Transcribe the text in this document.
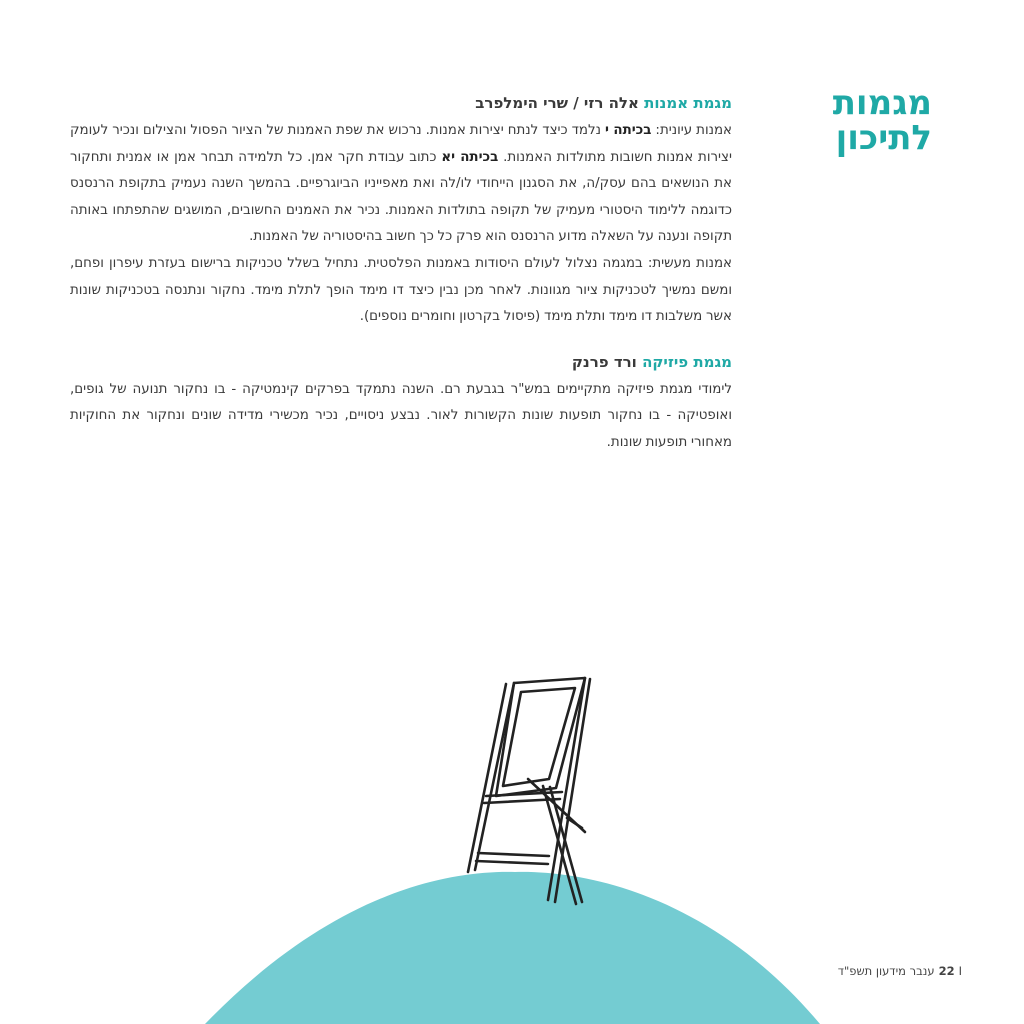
מגמות
לתיכון
מגמת אמנות אלה רזי / שרי הימלפרב

אמנות עיונית: בכיתה י נלמד כיצד לנתח יצירות אמנות. נרכוש את שפת האמנות של הציור הפסול והצילום ונכיר לעומק יצירות אמנות חשובות מתולדות האמנות. בכיתה יא כתוב עבודת חקר אמן. כל תלמידה תבחר אמן או אמנית ותחקור את הנושאים בהם עסק/ה, את הסגנון הייחודי לו/לה ואת מאפייניו הביוגרפיים. בהמשך השנה נעמיק בתקופת הרנסנס כדוגמה ללימוד היסטורי מעמיק של תקופה בתולדות האמנות. נכיר את האמנים החשובים, המושגים שהתפתחו באותה תקופה ונענה על השאלה מדוע הרנסנס הוא פרק כל כך חשוב בהיסטוריה של האמנות.

אמנות מעשית: במגמה נצלול לעולם היסודות באמנות הפלסטית. נתחיל בשלל טכניקות ברישום בעזרת עיפרון ופחם, ומשם נמשיך לטכניקות ציור מגוונות. לאחר מכן נבין כיצד דו מימד הופך לתלת מימד. נחקור ונתנסה בטכניקות שונות אשר משלבות דו מימד ותלת מימד (פיסול בקרטון וחומרים נוספים).

מגמת פיזיקה ורד פרנק

לימודי מגמת פיזיקה מתקיימים במש"ר בגבעת רם. השנה נתמקד בפרקים קינמטיקה - בו נחקור תנועה של גופים, ואופטיקה - בו נחקור תופעות שונות הקשורות לאור. נבצע ניסויים, נכיר מכשירי מדידה שונים ונחקור את החוקיות מאחורי תופעות שונות.

22 Iענבר מידעון תשפ"ד
